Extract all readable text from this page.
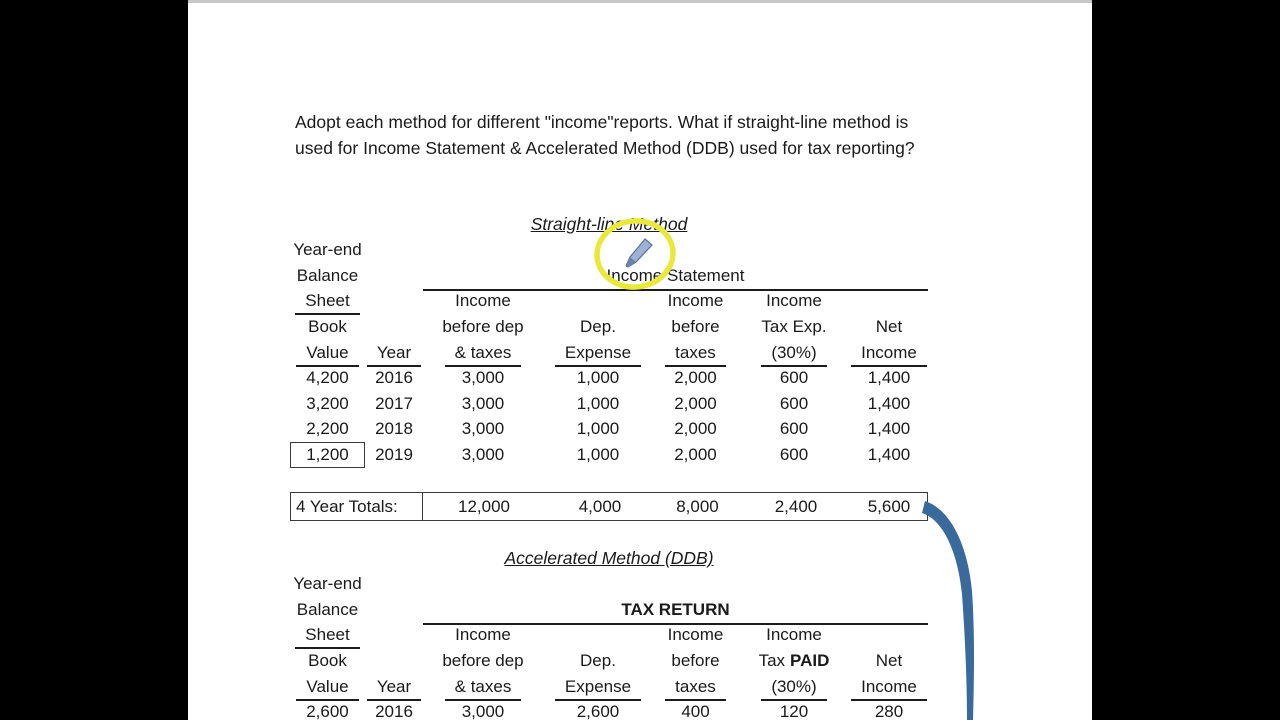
Adopt each method for different "income"reports. What if straight-line method is used for Income Statement & Accelerated Method (DDB) used for tax reporting?

Straight-line Method
Year-end
Balance	Income Statement
Sheet	Income	Income	Income
Book	before dep	Dep.	before	Tax Exp.	Net
Value	Year	& taxes	Expense	taxes	(30%)	Income
4,200	2016	3,000	1,000	2,000	600	1,400
3,200	2017	3,000	1,000	2,000	600	1,400
2,200	2018	3,000	1,000	2,000	600	1,400
1,200	2019	3,000	1,000	2,000	600	1,400
4 Year Totals:	12,000	4,000	8,000	2,400	5,600
Accelerated Method (DDB)
Year-end
Balance	TAX RETURN
Sheet	Income	Income	Income
Book	before dep	Dep.	before	Tax PAID	Net
Value	Year	& taxes	Expense	taxes	(30%)	Income
2,600	2016	3,000	2,600	400	120	280
